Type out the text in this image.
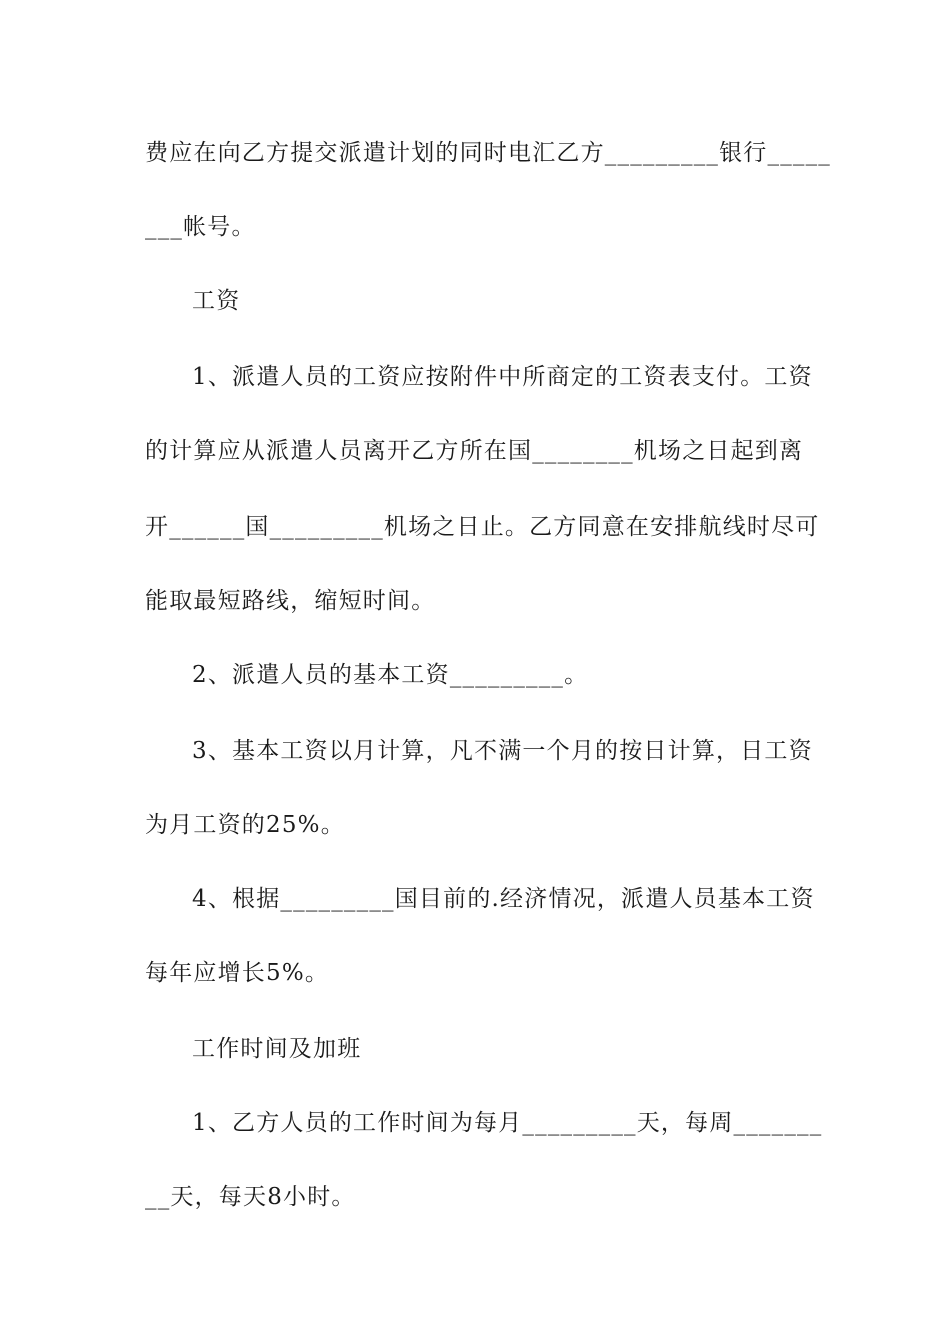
费应在向乙方提交派遣计划的同时电汇乙方_________银行_____
___帐号。
工资
1、派遣人员的工资应按附件中所商定的工资表支付。工资
的计算应从派遣人员离开乙方所在国________机场之日起到离
开______国_________机场之日止。乙方同意在安排航线时尽可
能取最短路线，缩短时间。
2、派遣人员的基本工资_________。
3、基本工资以月计算，凡不满一个月的按日计算，日工资
为月工资的25%。
4、根据_________国目前的.经济情况，派遣人员基本工资
每年应增长5%。
工作时间及加班
1、乙方人员的工作时间为每月_________天，每周_______
__天，每天8小时。
